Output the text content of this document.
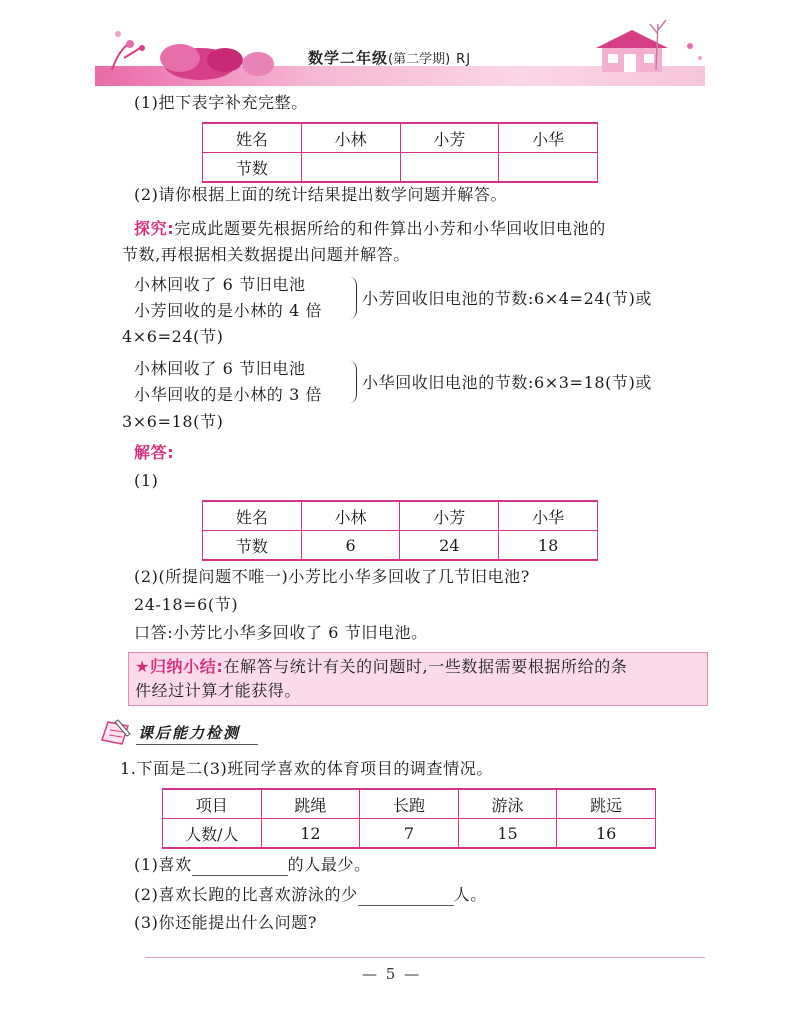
数学二年级(第二学期) RJ
(1)把下表字补充完整。
姓名	小林	小芳	小华
节数			
(2)请你根据上面的统计结果提出数学问题并解答。
探究:完成此题要先根据所给的和件算出小芳和小华回收旧电池的
节数,再根据相关数据提出问题并解答。
小林回收了 6 节旧电池
小芳回收的是小林的 4 倍
小芳回收旧电池的节数:6×4=24(节)或
4×6=24(节)
小林回收了 6 节旧电池
小华回收的是小林的 3 倍
小华回收旧电池的节数:6×3=18(节)或
3×6=18(节)
解答:
(1)
姓名	小林	小芳	小华
节数	6	24	18
(2)(所提问题不唯一)小芳比小华多回收了几节旧电池?
24-18=6(节)
口答:小芳比小华多回收了 6 节旧电池。
★归纳小结:在解答与统计有关的问题时,一些数据需要根据所给的条
件经过计算才能获得。
课后能力检测
1.下面是二(3)班同学喜欢的体育项目的调查情况。
项目	跳绳	长跑	游泳	跳远
人数/人	12	7	15	16
(1)喜欢	的人最少。
(2)喜欢长跑的比喜欢游泳的少	人。
(3)你还能提出什么问题?
— 5 —
